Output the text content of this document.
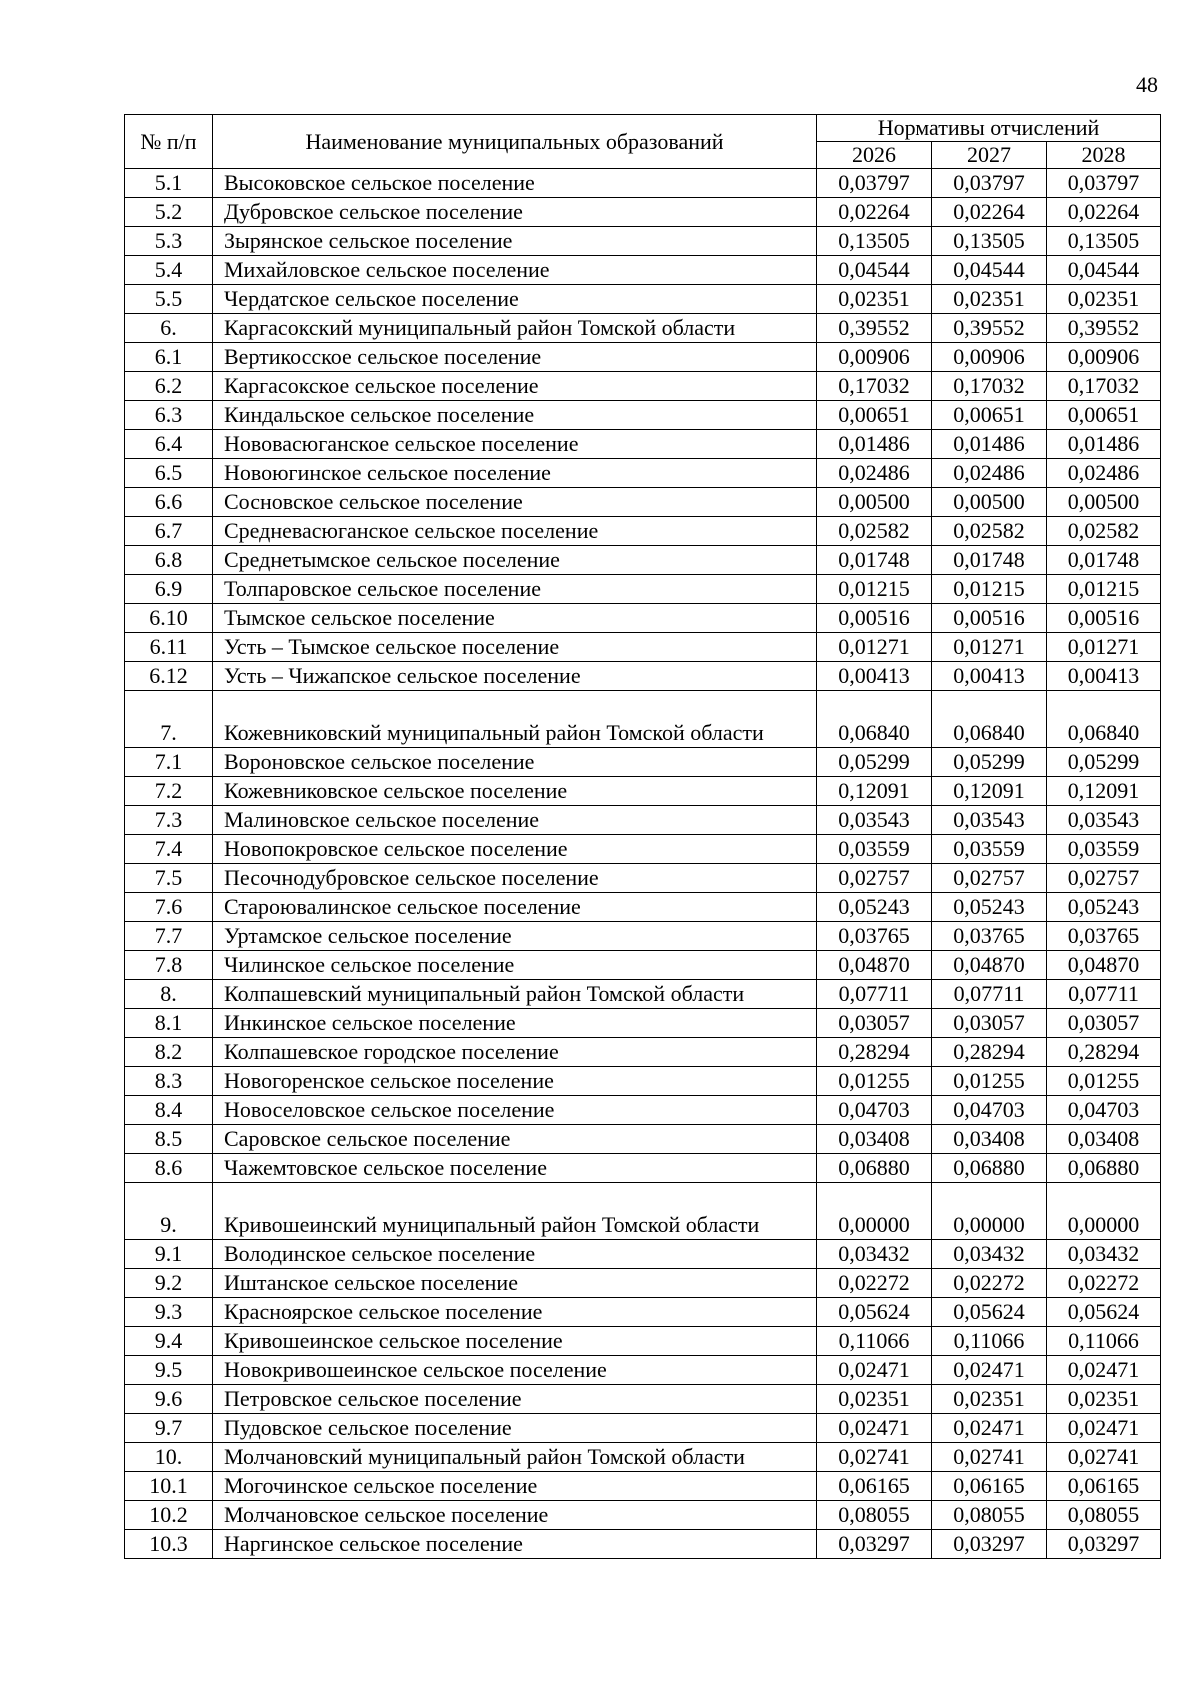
48
№ п/п	Наименование муниципальных образований	Нормативы отчислений		
		2026	2027	2028
5.1	Высоковское сельское поселение	0,03797	0,03797	0,03797
5.2	Дубровское сельское поселение	0,02264	0,02264	0,02264
5.3	Зырянское сельское поселение	0,13505	0,13505	0,13505
5.4	Михайловское сельское поселение	0,04544	0,04544	0,04544
5.5	Чердатское сельское поселение	0,02351	0,02351	0,02351
6.	Каргасокский муниципальный район Томской области	0,39552	0,39552	0,39552
6.1	Вертикосское сельское поселение	0,00906	0,00906	0,00906
6.2	Каргасокское сельское поселение	0,17032	0,17032	0,17032
6.3	Киндальское сельское поселение	0,00651	0,00651	0,00651
6.4	Нововасюганское сельское поселение	0,01486	0,01486	0,01486
6.5	Новоюгинское сельское поселение	0,02486	0,02486	0,02486
6.6	Сосновское сельское поселение	0,00500	0,00500	0,00500
6.7	Средневасюганское сельское поселение	0,02582	0,02582	0,02582
6.8	Среднетымское сельское поселение	0,01748	0,01748	0,01748
6.9	Толпаровское сельское поселение	0,01215	0,01215	0,01215
6.10	Тымское сельское поселение	0,00516	0,00516	0,00516
6.11	Усть – Тымское сельское поселение	0,01271	0,01271	0,01271
6.12	Усть – Чижапское сельское поселение	0,00413	0,00413	0,00413
7.	Кожевниковский муниципальный район Томской области	0,06840	0,06840	0,06840
7.1	Вороновское сельское поселение	0,05299	0,05299	0,05299
7.2	Кожевниковское сельское поселение	0,12091	0,12091	0,12091
7.3	Малиновское сельское поселение	0,03543	0,03543	0,03543
7.4	Новопокровское сельское поселение	0,03559	0,03559	0,03559
7.5	Песочнодубровское сельское поселение	0,02757	0,02757	0,02757
7.6	Староювалинское сельское поселение	0,05243	0,05243	0,05243
7.7	Уртамское сельское поселение	0,03765	0,03765	0,03765
7.8	Чилинское сельское поселение	0,04870	0,04870	0,04870
8.	Колпашевский муниципальный район Томской области	0,07711	0,07711	0,07711
8.1	Инкинское сельское поселение	0,03057	0,03057	0,03057
8.2	Колпашевское городское поселение	0,28294	0,28294	0,28294
8.3	Новогоренское сельское поселение	0,01255	0,01255	0,01255
8.4	Новоселовское сельское поселение	0,04703	0,04703	0,04703
8.5	Саровское сельское поселение	0,03408	0,03408	0,03408
8.6	Чажемтовское сельское поселение	0,06880	0,06880	0,06880
9.	Кривошеинский муниципальный район Томской области	0,00000	0,00000	0,00000
9.1	Володинское сельское поселение	0,03432	0,03432	0,03432
9.2	Иштанское сельское поселение	0,02272	0,02272	0,02272
9.3	Красноярское сельское поселение	0,05624	0,05624	0,05624
9.4	Кривошеинское сельское поселение	0,11066	0,11066	0,11066
9.5	Новокривошеинское сельское поселение	0,02471	0,02471	0,02471
9.6	Петровское сельское поселение	0,02351	0,02351	0,02351
9.7	Пудовское сельское поселение	0,02471	0,02471	0,02471
10.	Молчановский муниципальный район Томской области	0,02741	0,02741	0,02741
10.1	Могочинское сельское поселение	0,06165	0,06165	0,06165
10.2	Молчановское сельское поселение	0,08055	0,08055	0,08055
10.3	Наргинское сельское поселение	0,03297	0,03297	0,03297
